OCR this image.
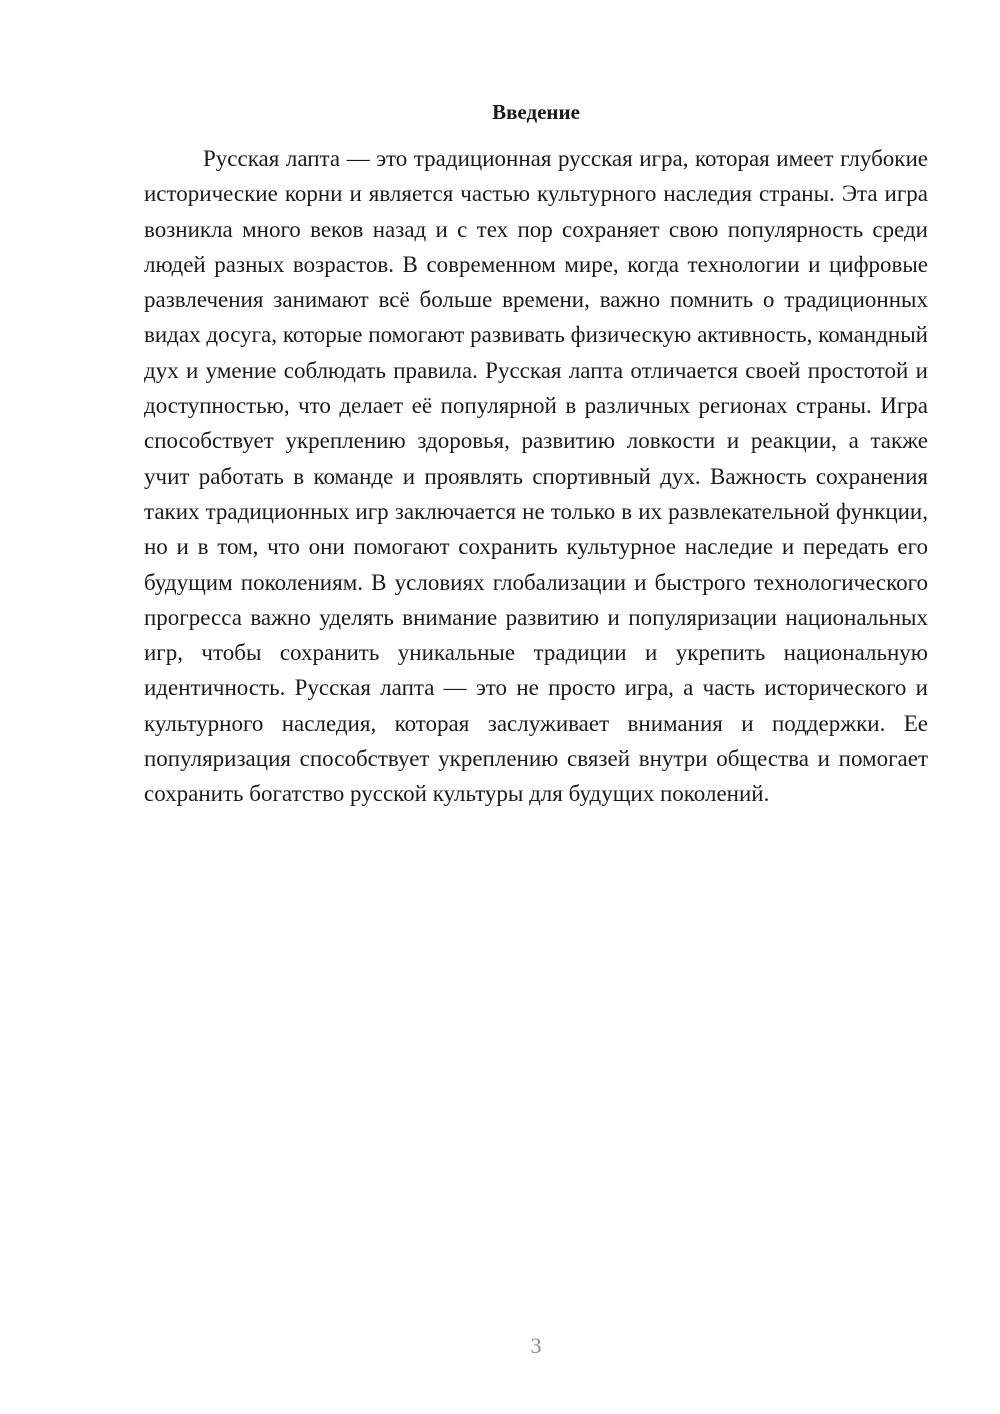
Введение

Русская лапта — это традиционная русская игра, которая имеет глубокие исторические корни и является частью культурного наследия страны. Эта игра возникла много веков назад и с тех пор сохраняет свою популярность среди людей разных возрастов. В современном мире, когда технологии и цифровые развлечения занимают всё больше времени, важно помнить о традиционных видах досуга, которые помогают развивать физическую активность, командный дух и умение соблюдать правила. Русская лапта отличается своей простотой и доступностью, что делает её популярной в различных регионах страны. Игра способствует укреплению здоровья, развитию ловкости и реакции, а также учит работать в команде и проявлять спортивный дух. Важность сохранения таких традиционных игр заключается не только в их развлекательной функции, но и в том, что они помогают сохранить культурное наследие и передать его будущим поколениям. В условиях глобализации и быстрого технологического прогресса важно уделять внимание развитию и популяризации национальных игр, чтобы сохранить уникальные традиции и укрепить национальную идентичность. Русская лапта — это не просто игра, а часть исторического и культурного наследия, которая заслуживает внимания и поддержки. Ее популяризация способствует укреплению связей внутри общества и помогает сохранить богатство русской культуры для будущих поколений.

3
